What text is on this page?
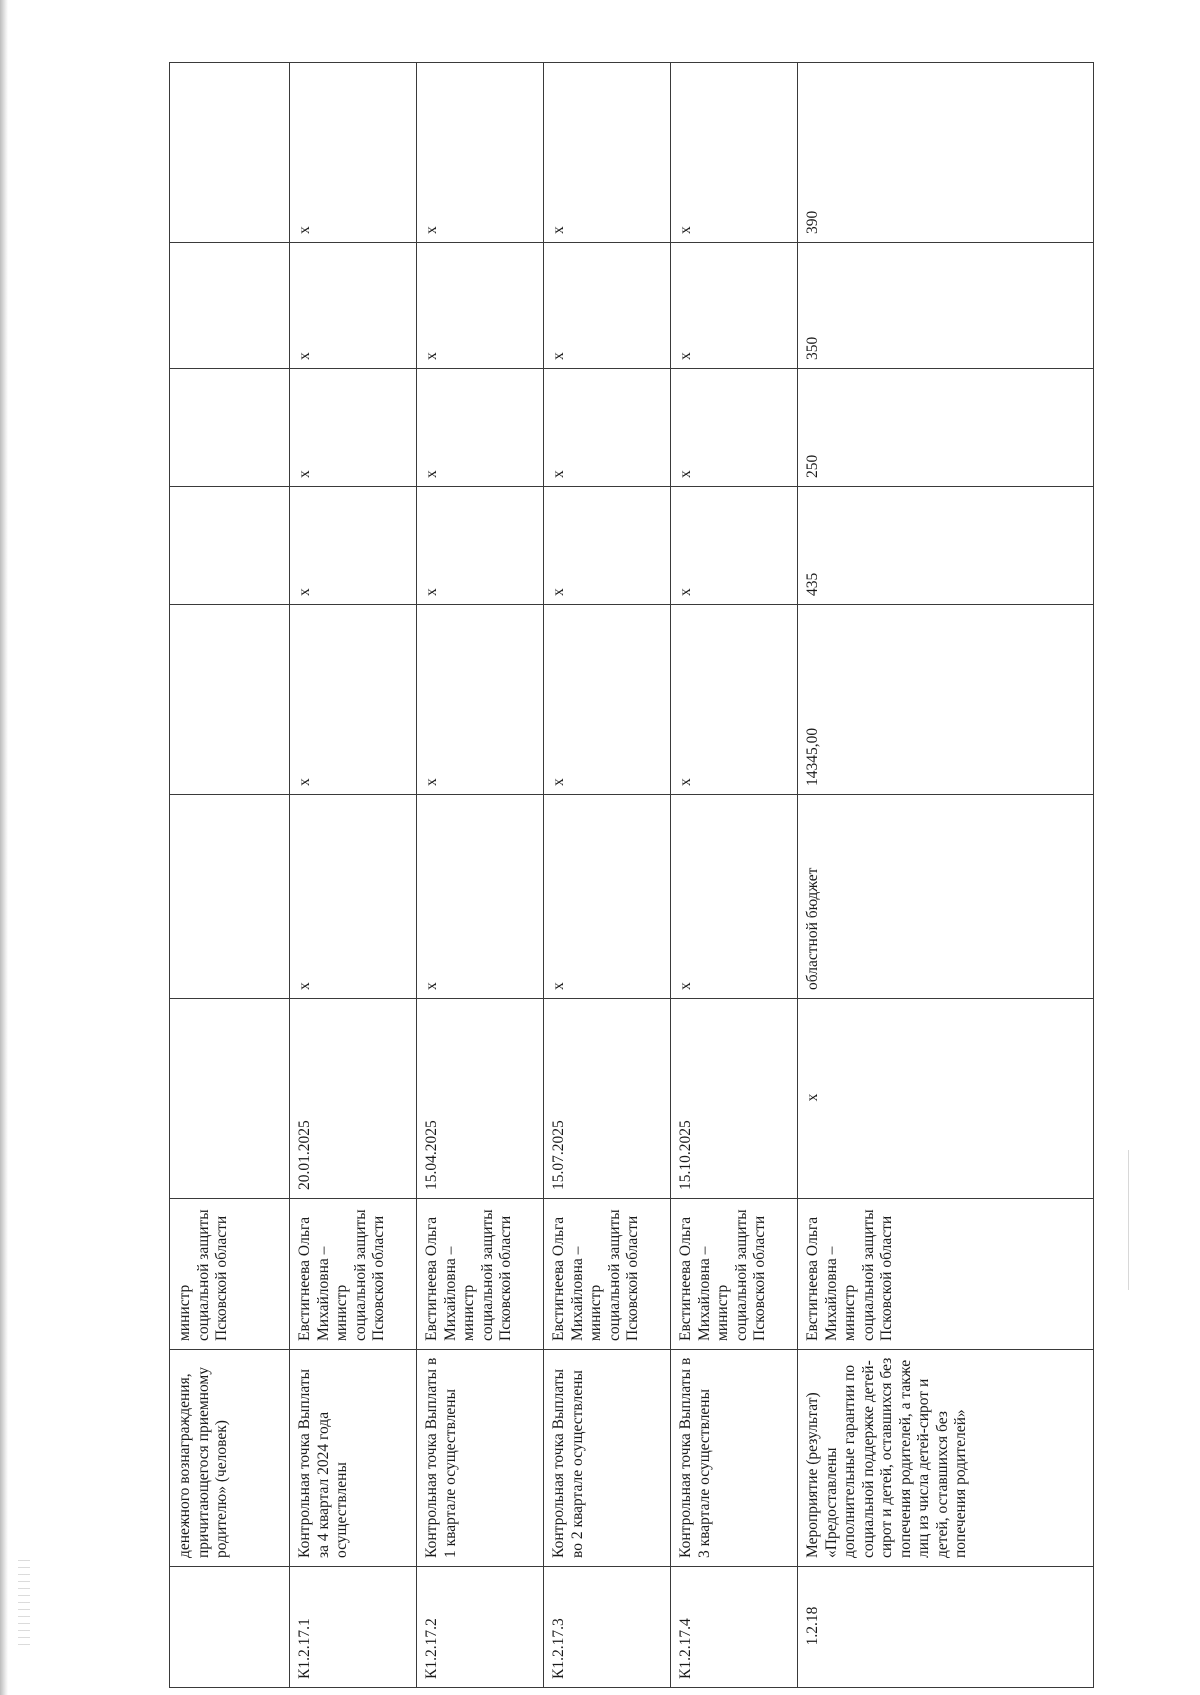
	денежного вознаграждения, причитающегося приемному родителю» (человек)	министр социальной защиты Псковской области							
К1.2.17.1	Контрольная точка Выплаты за 4 квартал 2024 года осуществлены	Евстигнеева Ольга Михайловна – министр социальной защиты Псковской области	20.01.2025	х	х	х	х	х	х
К1.2.17.2	Контрольная точка Выплаты в 1 квартале осуществлены	Евстигнеева Ольга Михайловна – министр социальной защиты Псковской области	15.04.2025	х	х	х	х	х	х
К1.2.17.3	Контрольная точка Выплаты во 2 квартале осуществлены	Евстигнеева Ольга Михайловна – министр социальной защиты Псковской области	15.07.2025	х	х	х	х	х	х
К1.2.17.4	Контрольная точка Выплаты в 3 квартале осуществлены	Евстигнеева Ольга Михайловна – министр социальной защиты Псковской области	15.10.2025	х	х	х	х	х	х
1.2.18	Мероприятие (результат) «Предоставлены дополнительные гарантии по социальной поддержке детей-сирот и детей, оставшихся без попечения родителей, а также лиц из числа детей-сирот и детей, оставшихся без попечения родителей»	Евстигнеева Ольга Михайловна – министр социальной защиты Псковской области	х	областной бюджет	14345,00	435	250	350	390
